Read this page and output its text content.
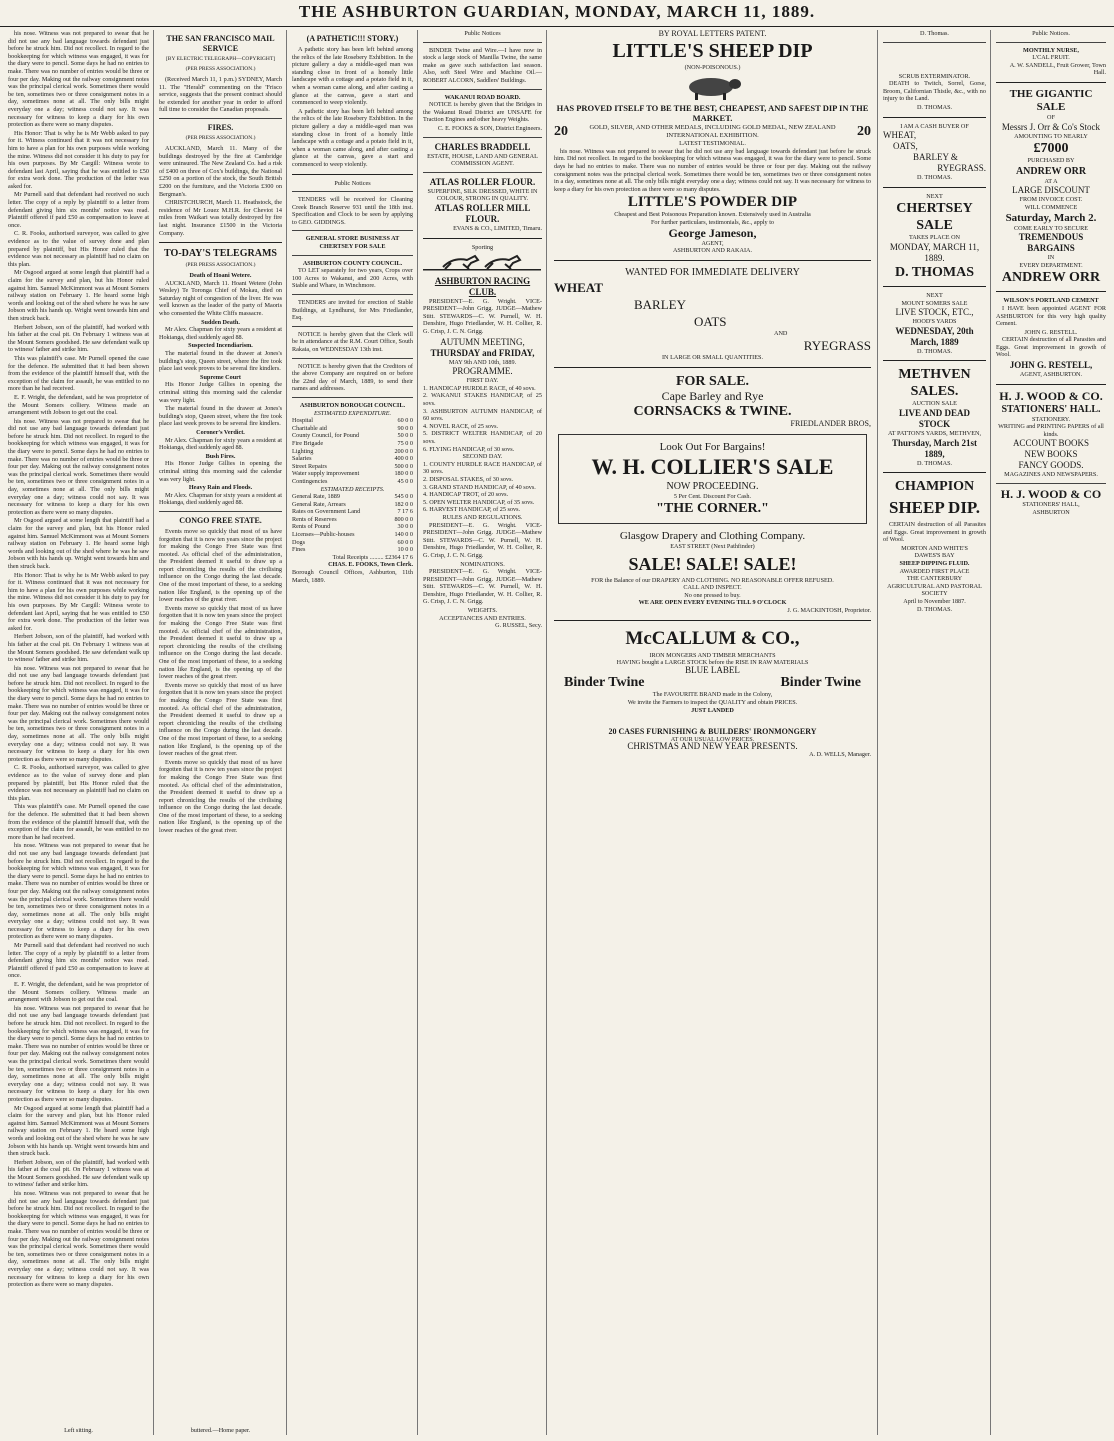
THE ASHBURTON GUARDIAN, MONDAY, MARCH 11, 1889.

his nose. Witness was not prepared to swear that he did not use any bad language towards defendant just before he struck him. Did not recollect. In regard to the bookkeeping for which witness was engaged, it was for the diary were to pencil. Some days he had no entries to make. There was no number of entries would be three or four per day. Making out the railway consignment notes was the principal clerical work. Sometimes there would be ten, sometimes two or three consignment notes in a day, sometimes none at all. The only bills might everyday one a day; witness could not say. It was necessary for witness to keep a diary for his own protection as there were so many disputes.

His Honor: That is why he is Mr Webb asked to pay for it. Witness continued that it was not necessary for him to have a plan for his own purposes while working the mine. Witness did not consider it his duty to pay for his own purposes. By Mr Cargill: Witness wrote to defendant last April, saying that he was entitled to £50 for extra work done. The production of the letter was asked for.

Mr Purnell said that defendant had received no such letter. The copy of a reply by plaintiff to a letter from defendant giving him six months' notice was read. Plaintiff offered if paid £50 as compensation to leave at once.

C. R. Fooks, authorised surveyor, was called to give evidence as to the value of survey done and plan prepared by plaintiff, but His Honor ruled that the evidence was not necessary as plaintiff had no claim on this plan.

Mr Osgood argued at some length that plaintiff had a claim for the survey and plan, but his Honor ruled against him. Samuel McKimmont was at Mount Somers railway station on February 1. He heard some high words and looking out of the shed where he was he saw Jobson with his hands up. Wright went towards him and then struck back.

Herbert Jobson, son of the plaintiff, had worked with his father at the coal pit. On February 1 witness was at the Mount Somers goodshed. He saw defendant walk up to witness' father and strike him.

This was plaintiff's case. Mr Purnell opened the case for the defence. He submitted that it had been shown from the evidence of the plaintiff himself that, with the exception of the claim for assault, he was entitled to no more than he had received.

E. F. Wright, the defendant, said he was proprietor of the Mount Somers colliery. Witness made an arrangement with Jobson to get out the coal.

his nose. Witness was not prepared to swear that he did not use any bad language towards defendant just before he struck him. Did not recollect. In regard to the bookkeeping for which witness was engaged, it was for the diary were to pencil. Some days he had no entries to make. There was no number of entries would be three or four per day. Making out the railway consignment notes was the principal clerical work. Sometimes there would be ten, sometimes two or three consignment notes in a day, sometimes none at all. The only bills might everyday one a day; witness could not say. It was necessary for witness to keep a diary for his own protection as there were so many disputes.

Mr Osgood argued at some length that plaintiff had a claim for the survey and plan, but his Honor ruled against him. Samuel McKimmont was at Mount Somers railway station on February 1. He heard some high words and looking out of the shed where he was he saw Jobson with his hands up. Wright went towards him and then struck back.

His Honor: That is why he is Mr Webb asked to pay for it. Witness continued that it was not necessary for him to have a plan for his own purposes while working the mine. Witness did not consider it his duty to pay for his own purposes. By Mr Cargill: Witness wrote to defendant last April, saying that he was entitled to £50 for extra work done. The production of the letter was asked for.

Herbert Jobson, son of the plaintiff, had worked with his father at the coal pit. On February 1 witness was at the Mount Somers goodshed. He saw defendant walk up to witness' father and strike him.

his nose. Witness was not prepared to swear that he did not use any bad language towards defendant just before he struck him. Did not recollect. In regard to the bookkeeping for which witness was engaged, it was for the diary were to pencil. Some days he had no entries to make. There was no number of entries would be three or four per day. Making out the railway consignment notes was the principal clerical work. Sometimes there would be ten, sometimes two or three consignment notes in a day, sometimes none at all. The only bills might everyday one a day; witness could not say. It was necessary for witness to keep a diary for his own protection as there were so many disputes.

C. R. Fooks, authorised surveyor, was called to give evidence as to the value of survey done and plan prepared by plaintiff, but His Honor ruled that the evidence was not necessary as plaintiff had no claim on this plan.

This was plaintiff's case. Mr Purnell opened the case for the defence. He submitted that it had been shown from the evidence of the plaintiff himself that, with the exception of the claim for assault, he was entitled to no more than he had received.

his nose. Witness was not prepared to swear that he did not use any bad language towards defendant just before he struck him. Did not recollect. In regard to the bookkeeping for which witness was engaged, it was for the diary were to pencil. Some days he had no entries to make. There was no number of entries would be three or four per day. Making out the railway consignment notes was the principal clerical work. Sometimes there would be ten, sometimes two or three consignment notes in a day, sometimes none at all. The only bills might everyday one a day; witness could not say. It was necessary for witness to keep a diary for his own protection as there were so many disputes.

Mr Purnell said that defendant had received no such letter. The copy of a reply by plaintiff to a letter from defendant giving him six months' notice was read. Plaintiff offered if paid £50 as compensation to leave at once.

E. F. Wright, the defendant, said he was proprietor of the Mount Somers colliery. Witness made an arrangement with Jobson to get out the coal.

his nose. Witness was not prepared to swear that he did not use any bad language towards defendant just before he struck him. Did not recollect. In regard to the bookkeeping for which witness was engaged, it was for the diary were to pencil. Some days he had no entries to make. There was no number of entries would be three or four per day. Making out the railway consignment notes was the principal clerical work. Sometimes there would be ten, sometimes two or three consignment notes in a day, sometimes none at all. The only bills might everyday one a day; witness could not say. It was necessary for witness to keep a diary for his own protection as there were so many disputes.

Mr Osgood argued at some length that plaintiff had a claim for the survey and plan, but his Honor ruled against him. Samuel McKimmont was at Mount Somers railway station on February 1. He heard some high words and looking out of the shed where he was he saw Jobson with his hands up. Wright went towards him and then struck back.

Herbert Jobson, son of the plaintiff, had worked with his father at the coal pit. On February 1 witness was at the Mount Somers goodshed. He saw defendant walk up to witness' father and strike him.

his nose. Witness was not prepared to swear that he did not use any bad language towards defendant just before he struck him. Did not recollect. In regard to the bookkeeping for which witness was engaged, it was for the diary were to pencil. Some days he had no entries to make. There was no number of entries would be three or four per day. Making out the railway consignment notes was the principal clerical work. Sometimes there would be ten, sometimes two or three consignment notes in a day, sometimes none at all. The only bills might everyday one a day; witness could not say. It was necessary for witness to keep a diary for his own protection as there were so many disputes.

Left sitting.
THE SAN FRANCISCO MAIL SERVICE
[BY ELECTRIC TELEGRAPH—COPYRIGHT]
(PER PRESS ASSOCIATION.)

(Received March 11, 1 p.m.) SYDNEY, March 11. The "Herald" commenting on the 'Frisco service, suggests that the present contract should be extended for another year in order to afford full time to consider the Canadian proposals.

FIRES.
(PER PRESS ASSOCIATION.)

AUCKLAND, March 11. Many of the buildings destroyed by the fire at Cambridge were uninsured. The New Zealand Co. had a risk of £400 on three of Cox's buildings, the National £250 on a portion of the stock, the South British £200 on the furniture, and the Victoria £300 on Bergman's.

CHRISTCHURCH, March 11. Heathstock, the residence of Mr Louez M.H.R. for Cheviot 14 miles from Waikari was totally destroyed by fire last night. Insurance £1500 in the Victoria Company.

TO-DAY'S TELEGRAMS
(PER PRESS ASSOCIATION.)
Death of Hoani Wetere.

AUCKLAND, March 11. Hoani Wetere (John Wesley) Te Toronga Chief of Mokau, died on Saturday night of congestion of the liver. He was well known as the leader of the party of Maoris who consented the White Cliffs massacre.

Sudden Death.

Mr Alex. Chapman for sixty years a resident at Hokianga, died suddenly aged 88.

Suspected Incendiarism.

The material found in the drawer at Jones's building's stop, Queen street, where the fire took place last week proves to be several fire kindlers.

Supreme Court

His Honor Judge Gillies in opening the criminal sitting this morning said the calendar was very light.

The material found in the drawer at Jones's building's stop, Queen street, where the fire took place last week proves to be several fire kindlers.

Coroner's Verdict.

Mr Alex. Chapman for sixty years a resident at Hokianga, died suddenly aged 88.

Bush Fires.

His Honor Judge Gillies in opening the criminal sitting this morning said the calendar was very light.

Heavy Rain and Floods.

Mr Alex. Chapman for sixty years a resident at Hokianga, died suddenly aged 88.

CONGO FREE STATE.

Events move so quickly that most of us have forgotten that it is now ten years since the project for making the Congo Free State was first mooted. As official chef of the administration, the President deemed it useful to draw up a report chronicling the results of the civilising influence on the Congo during the last decade. One of the most important of these, to a seeking nation like England, is the opening up of the lower reaches of the great river.

Events move so quickly that most of us have forgotten that it is now ten years since the project for making the Congo Free State was first mooted. As official chef of the administration, the President deemed it useful to draw up a report chronicling the results of the civilising influence on the Congo during the last decade. One of the most important of these, to a seeking nation like England, is the opening up of the lower reaches of the great river.

Events move so quickly that most of us have forgotten that it is now ten years since the project for making the Congo Free State was first mooted. As official chef of the administration, the President deemed it useful to draw up a report chronicling the results of the civilising influence on the Congo during the last decade. One of the most important of these, to a seeking nation like England, is the opening up of the lower reaches of the great river.

Events move so quickly that most of us have forgotten that it is now ten years since the project for making the Congo Free State was first mooted. As official chef of the administration, the President deemed it useful to draw up a report chronicling the results of the civilising influence on the Congo during the last decade. One of the most important of these, to a seeking nation like England, is the opening up of the lower reaches of the great river.

buttered.—Home paper.
(A PATHETIC!!! STORY.)

A pathetic story has been left behind among the relics of the late Rosebery Exhibition. In the picture gallery a day a middle-aged man was standing close in front of a homely little landscape with a cottage and a potato field in it, when a woman came along, and after casting a glance at the canvas, gave a start and commenced to weep violently.

A pathetic story has been left behind among the relics of the late Rosebery Exhibition. In the picture gallery a day a middle-aged man was standing close in front of a homely little landscape with a cottage and a potato field in it, when a woman came along, and after casting a glance at the canvas, gave a start and commenced to weep violently.

Public Notices

TENDERS will be received for Cleaning Creek Branch Reserve 931 until the 18th inst. Specification and Clock to be seen by applying to GEO. GIDDINGS.

GENERAL STORE BUSINESS AT CHERTSEY FOR SALE
ASHBURTON COUNTY COUNCIL.

TO LET separately for two years, Crops over 100 Acres to Wakanui, and 200 Acres, with Stable and Whare, in Winchmore.

TENDERS are invited for erection of Stable Buildings, at Lyndhurst, for Mrs Friedlander, Esq.

NOTICE is hereby given that the Clerk will be in attendance at the R.M. Court Office, South Rakaia, on WEDNESDAY 13th inst.

NOTICE is hereby given that the Creditors of the above Company are required on or before the 22nd day of March, 1889, to send their names and addresses.

ASHBURTON BOROUGH COUNCIL.
ESTIMATED EXPENDITURE.
Hospital	60 0 0
Charitable aid	90 0 0
County Council, for Pound	50 0 0
Fire Brigade	75 0 0
Lighting	200 0 0
Salaries	400 0 0
Street Repairs	500 0 0
Water supply improvement	180 0 0
Contingencies	45 0 0
ESTIMATED RECEIPTS.
General Rate, 1889	545 0 0
General Rate, Arrears	182 0 0
Rates on Government Land	7 17 6
Rents of Reserves	800 0 0
Rents of Pound	30 0 0
Licenses—Public-houses	140 0 0
Dogs	60 0 0
Fines	10 0 0
Total Receipts ......... £2364 17 6
CHAS. E. FOOKS, Town Clerk.
Borough Council Offices, Ashburton, 11th March, 1889.
Public Notices

BINDER Twine and Wire.—I have now in stock a large stock of Manilla Twine, the same make as gave such satisfaction last season. Also, soft Steel Wire and Machine Oil.—ROBERT ALCORN, Saddlers' Buildings.

WAKANUI ROAD BOARD.

NOTICE is hereby given that the Bridges in the Wakanui Road District are UNSAFE for Traction Engines and other heavy Weights.

C. E. FOOKS & SON, District Engineers.
CHARLES BRADDELL
ESTATE, HOUSE, LAND AND GENERAL COMMISSION AGENT.
ATLAS ROLLER FLOUR.
SUPERFINE, SILK DRESSED, WHITE IN COLOUR, STRONG IN QUALITY.
ATLAS ROLLER MILL FLOUR.
EVANS & CO., LIMITED, Timaru.
Sporting
ASHBURTON RACING CLUB.

PRESIDENT—E. G. Wright. VICE-PRESIDENT—John Grigg. JUDGE—Mathew Stitt. STEWARDS—C. W. Purnell, W. H. Denshire, Hugo Friedlander, W. H. Collier, R. G. Crisp, J. C. N. Grigg.

AUTUMN MEETING,
THURSDAY and FRIDAY,
MAY 9th AND 10th, 1889.
PROGRAMME.
FIRST DAY.
1. HANDICAP HURDLE RACE, of 40 sovs.
2. WAKANUI STAKES HANDICAP, of 25 sovs.
3. ASHBURTON AUTUMN HANDICAP, of 60 sovs.
4. NOVEL RACE, of 25 sovs.
5. DISTRICT WELTER HANDICAP, of 20 sovs.
6. FLYING HANDICAP, of 30 sovs.
SECOND DAY.
1. COUNTY HURDLE RACE HANDICAP, of 30 sovs.
2. DISPOSAL STAKES, of 30 sovs.
3. GRAND STAND HANDICAP, of 40 sovs.
4. HANDICAP TROT, of 20 sovs.
5. OPEN WELTER HANDICAP, of 35 sovs.
6. HARVEST HANDICAP, of 25 sovs.
RULES AND REGULATIONS.

PRESIDENT—E. G. Wright. VICE-PRESIDENT—John Grigg. JUDGE—Mathew Stitt. STEWARDS—C. W. Purnell, W. H. Denshire, Hugo Friedlander, W. H. Collier, R. G. Crisp, J. C. N. Grigg.

NOMINATIONS.

PRESIDENT—E. G. Wright. VICE-PRESIDENT—John Grigg. JUDGE—Mathew Stitt. STEWARDS—C. W. Purnell, W. H. Denshire, Hugo Friedlander, W. H. Collier, R. G. Crisp, J. C. N. Grigg.

WEIGHTS.
ACCEPTANCES AND ENTRIES.
G. RUSSEL, Secy.
BY ROYAL LETTERS PATENT.
LITTLE'S SHEEP DIP
(NON-POISONOUS.)
HAS PROVED ITSELF TO BE THE BEST, CHEAPEST, AND SAFEST DIP IN THE MARKET.
20	GOLD, SILVER, AND OTHER MEDALS, INCLUDING GOLD MEDAL, NEW ZEALAND INTERNATIONAL EXHIBITION.	20
LATEST TESTIMONIAL.

his nose. Witness was not prepared to swear that he did not use any bad language towards defendant just before he struck him. Did not recollect. In regard to the bookkeeping for which witness was engaged, it was for the diary were to pencil. Some days he had no entries to make. There was no number of entries would be three or four per day. Making out the railway consignment notes was the principal clerical work. Sometimes there would be ten, sometimes two or three consignment notes in a day, sometimes none at all. The only bills might everyday one a day; witness could not say. It was necessary for witness to keep a diary for his own protection as there were so many disputes.

LITTLE'S POWDER DIP
Cheapest and Best Poisonous Preparation known. Extensively used in Australia
For further particulars, testimonials, &c., apply to
George Jameson,
AGENT,
ASHBURTON AND RAKAIA.
WANTED FOR IMMEDIATE DELIVERY
WHEAT
BARLEY
OATS
AND
RYEGRASS
IN LARGE OR SMALL QUANTITIES.
FOR SALE.
Cape Barley and Rye
CORNSACKS & TWINE.
FRIEDLANDER BROS,
Look Out For Bargains!
W. H. COLLIER'S SALE
NOW PROCEEDING.
5 Per Cent. Discount For Cash.
"THE CORNER."
Glasgow Drapery and Clothing Company.
EAST STREET (Next Pathfinder)
SALE! SALE! SALE!
FOR the Balance of our DRAPERY AND CLOTHING. NO REASONABLE OFFER REFUSED.
CALL AND INSPECT.
No one pressed to buy.
WE ARE OPEN EVERY EVENING TILL 9 O'CLOCK
J. G. MACKINTOSH, Proprietor.
McCALLUM & CO.,
IRON MONGERS AND TIMBER MERCHANTS
HAVING bought a LARGE STOCK before the RISE IN RAW MATERIALS
BLUE LABEL
Binder Twine	Binder Twine
The FAVOURITE BRAND made in the Colony,
We invite the Farmers to inspect the QUALITY and obtain PRICES.
JUST LANDED
20 CASES FURNISHING & BUILDERS' IRONMONGERY
AT OUR USUAL LOW PRICES.
CHRISTMAS AND NEW YEAR PRESENTS.
A. D. WELLS, Manager.
D. Thomas.
SCRUB EXTERMINATOR.

DEATH to Twitch, Sorrel, Gorse, Broom, Californian Thistle, &c., with no injury to the Land.

D. THOMAS.
I AM A CASH BUYER OF
WHEAT,
OATS,
BARLEY &
RYEGRASS.
D. THOMAS.
NEXT
CHERTSEY SALE
TAKES PLACE ON
MONDAY, MARCH 11, 1889.
D. THOMAS
NEXT
MOUNT SOMERS SALE
LIVE STOCK, ETC.,
HOOD'S YARDS
WEDNESDAY, 20th March, 1889
D. THOMAS.
METHVEN SALES.
AUCTION SALE
LIVE AND DEAD STOCK
AT PATTON'S YARDS, METHVEN,
Thursday, March 21st 1889,
D. THOMAS.
CHAMPION
SHEEP DIP.

CERTAIN destruction of all Parasites and Eggs. Great improvement in growth of Wool.

MORTON AND WHITE'S
DAWES'S BAY
SHEEP DIPPING FLUID.
AWARDED FIRST PLACE
THE CANTERBURY AGRICULTURAL AND PASTORAL SOCIETY
April to November 1887.
D. THOMAS.
Public Notices.
MONTHLY NURSE,
L'CAL FRUIT.
A. W. SANDELL, Fruit Grower, Town Hall.
THE GIGANTIC SALE
OF
Messrs J. Orr & Co's Stock
AMOUNTING TO NEARLY
£7000
PURCHASED BY
ANDREW ORR
AT A
LARGE DISCOUNT
FROM INVOICE COST.
WILL COMMENCE
Saturday, March 2.
COME EARLY TO SECURE
TREMENDOUS BARGAINS
IN
EVERY DEPARTMENT.
ANDREW ORR
WILSON'S PORTLAND CEMENT

I HAVE been appointed AGENT FOR ASHBURTON for this very high quality Cement.

JOHN G. RESTELL.

CERTAIN destruction of all Parasites and Eggs. Great improvement in growth of Wool.

JOHN G. RESTELL,
AGENT, ASHBURTON.
H. J. WOOD & CO.
STATIONERS' HALL.
STATIONERY.
WRITING and PRINTING PAPERS of all kinds.
ACCOUNT BOOKS
NEW BOOKS
FANCY GOODS.
MAGAZINES AND NEWSPAPERS.
H. J. WOOD & CO
STATIONERS' HALL,
ASHBURTON
